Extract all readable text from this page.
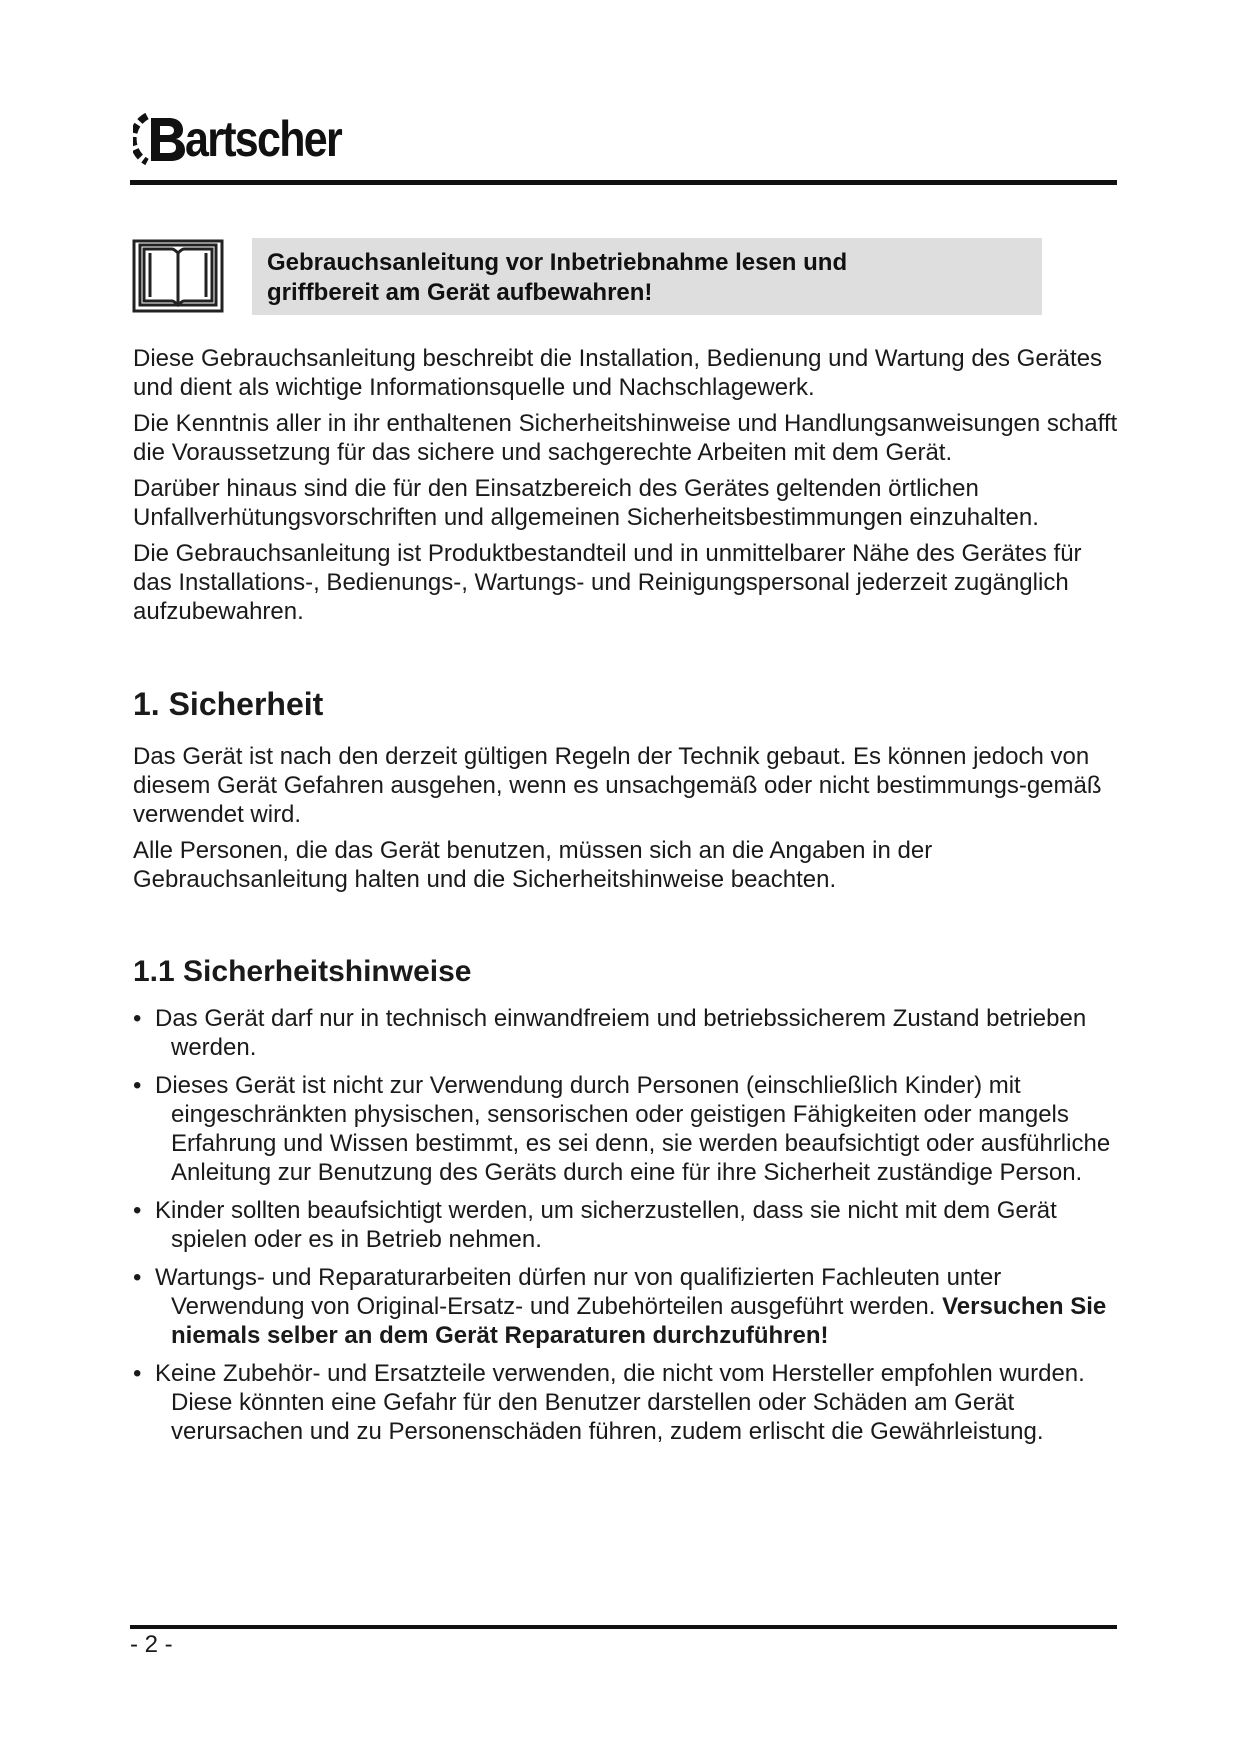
artscher
Gebrauchsanleitung vor Inbetriebnahme lesen und
griffbereit am Gerät aufbewahren!

Diese Gebrauchsanleitung beschreibt die Installation, Bedienung und Wartung des Gerätes und dient als wichtige Informationsquelle und Nachschlagewerk.

Die Kenntnis aller in ihr enthaltenen Sicherheitshinweise und Handlungsanweisungen schafft die Voraussetzung für das sichere und sachgerechte Arbeiten mit dem Gerät.

Darüber hinaus sind die für den Einsatzbereich des Gerätes geltenden örtlichen Unfallverhütungsvorschriften und allgemeinen Sicherheitsbestimmungen einzuhalten.

Die Gebrauchsanleitung ist Produktbestandteil und in unmittelbarer Nähe des Gerätes für das Installations-, Bedienungs-, Wartungs- und Reinigungspersonal jederzeit zugänglich aufzubewahren.

1. Sicherheit

Das Gerät ist nach den derzeit gültigen Regeln der Technik gebaut. Es können jedoch von diesem Gerät Gefahren ausgehen, wenn es unsachgemäß oder nicht bestimmungs-gemäß verwendet wird.

Alle Personen, die das Gerät benutzen, müssen sich an die Angaben in der Gebrauchsanleitung halten und die Sicherheitshinweise beachten.

1.1 Sicherheitshinweise
• Das Gerät darf nur in technisch einwandfreiem und betriebssicherem Zustand betrieben werden.
• Dieses Gerät ist nicht zur Verwendung durch Personen (einschließlich Kinder) mit eingeschränkten physischen, sensorischen oder geistigen Fähigkeiten oder mangels Erfahrung und Wissen bestimmt, es sei denn, sie werden beaufsichtigt oder ausführliche Anleitung zur Benutzung des Geräts durch eine für ihre Sicherheit zuständige Person.
• Kinder sollten beaufsichtigt werden, um sicherzustellen, dass sie nicht mit dem Gerät spielen oder es in Betrieb nehmen.
• Wartungs- und Reparaturarbeiten dürfen nur von qualifizierten Fachleuten unter Verwendung von Original-Ersatz- und Zubehörteilen ausgeführt werden. Versuchen Sie niemals selber an dem Gerät Reparaturen durchzuführen!
• Keine Zubehör- und Ersatzteile verwenden, die nicht vom Hersteller empfohlen wurden. Diese könnten eine Gefahr für den Benutzer darstellen oder Schäden am Gerät verursachen und zu Personenschäden führen, zudem erlischt die Gewährleistung.
- 2 -
